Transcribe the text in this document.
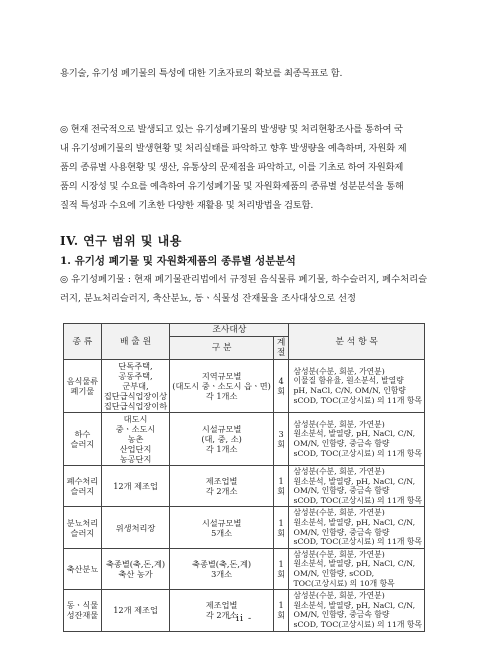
용기술, 유기성 폐기물의 특성에 대한 기초자료의 확보를 최종목표로 함.
◎ 현재 전국적으로 발생되고 있는 유기성폐기물의 발생량 및 처리현황조사를 통하여 국
내 유기성폐기물의 발생현황 및 처리실태를 파악하고 향후 발생량을 예측하며, 자원화 제
품의 종류별 사용현황 및 생산, 유통상의 문제점을 파악하고, 이를 기초로 하여 자원화제
품의 시장성 및 수요를 예측하여 유기성폐기물 및 자원화제품의 종류별 성분분석을 통해
질적 특성과 수요에 기초한 다양한 재활용 및 처리방법을 검토함.
IV. 연구 범위 및 내용
1. 유기성 폐기물 및 자원화제품의 종류별 성분분석
◎ 유기성폐기물 : 현재 폐기물관리법에서 규정된 음식물류 폐기물, 하수슬러지, 폐수처리슬
러지, 분뇨처리슬러지, 축산분뇨, 동ㆍ식물성 잔재물을 조사대상으로 선정
종 류	배 출 원	조사대상		분 석 항 목
		구 분	계 절	

음식물류
폐기물	단독주택,
공동주택,
군부대,
집단급식업장이상
집단급식업장이하	지역규모별
(대도시 중ㆍ소도시 읍ㆍ면)
각 1개소	4회	삼성분(수분, 회분, 가연분)
이물질 함유율, 원소분석, 발열량
pH, NaCl, C/N, OM/N, 인함량
sCOD, TOC(고상시료) 의 11개 항목

하수
슬러지	대도시
중ㆍ소도시
농촌
산업단지
농공단지	시설규모별
(대, 중, 소)
각 1개소	3회	삼성분(수분, 회분, 가연분)
원소분석, 발열량, pH, NaCl, C/N,
OM/N, 인함량, 중금속 함량
sCOD, TOC(고상시료) 의 11개 항목

폐수처리
슬러지	12개 제조업	제조업별
각 2개소	1회	삼성분(수분, 회분, 가연분)
원소분석, 발열량, pH, NaCl, C/N,
OM/N, 인함량, 중금속 함량
sCOD, TOC(고상시료) 의 11개 항목

분뇨처리
슬러지	위생처리장	시설규모별
5개소	1회	삼성분(수분, 회분, 가연분)
원소분석, 발열량, pH, NaCl, C/N,
OM/N, 인함량, 중금속 함량
sCOD, TOC(고상시료) 의 11개 항목

축산분뇨	축종별(축,돈,계)
축산 농가	축종별(축,돈,계)
3개소	1회	삼성분(수분, 회분, 가연분)
원소분석, 발열량, pH, NaCl, C/N,
OM/N, 인함량, sCOD,
TOC(고상시료) 의 10개 항목

동ㆍ식물
성잔재물	12개 제조업	제조업별
각 2개소	1회	삼성분(수분, 회분, 가연분)
원소분석, 발열량, pH, NaCl, C/N,
OM/N, 인함량, 중금속 함량
sCOD, TOC(고상시료) 의 11개 항목
- ii -
